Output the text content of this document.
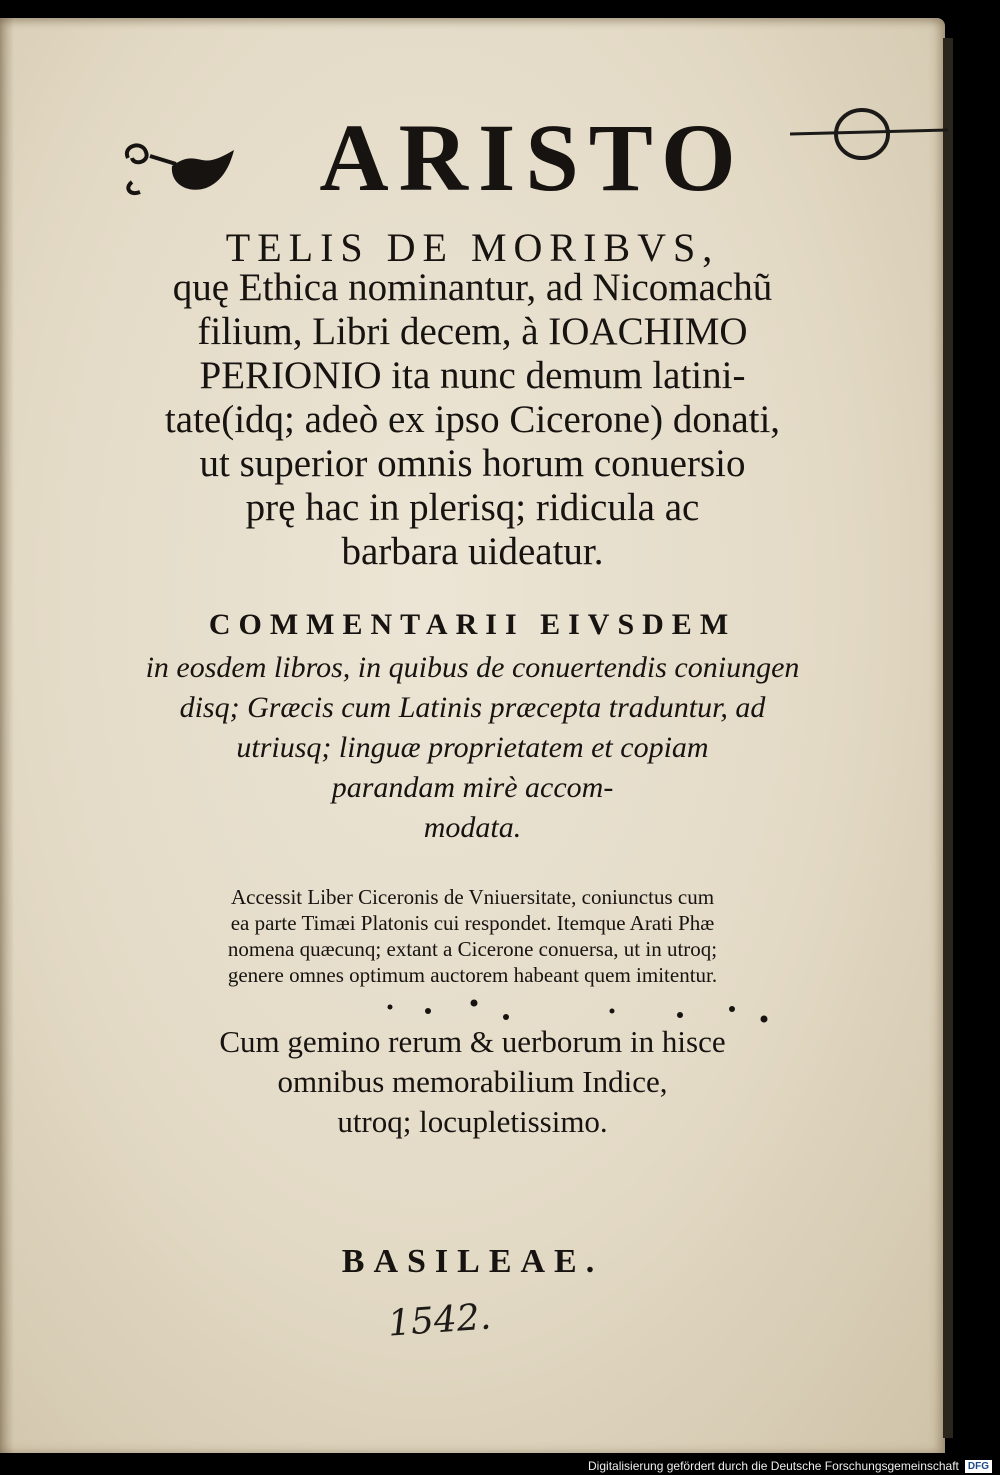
ARISTO
TELIS DE MORIBVS,
quę Ethica nominantur, ad Nicomachũ
filium, Libri decem, à IOACHIMO
PERIONIO ita nunc demum latini-
tate(idq; adeò ex ipso Cicerone) donati,
ut superior omnis horum conuersio
prę hac in plerisq; ridicula ac
barbara uideatur.
COMMENTARII EIVSDEM
in eosdem libros, in quibus de conuertendis coniungen
disq; Græcis cum Latinis præcepta traduntur, ad
utriusq; linguæ proprietatem et copiam
parandam mirè accom-
modata.
Accessit Liber Ciceronis de Vniuersitate, coniunctus cum
ea parte Timæi Platonis cui respondet. Itemque Arati Phæ
nomena quæcunq; extant a Cicerone conuersa, ut in utroq;
genere omnes optimum auctorem habeant quem imitentur.
Cum gemino rerum & uerborum in hisce
omnibus memorabilium Indice,
utroq; locupletissimo.
BASILEAE.
1542.
Digitalisierung gefördert durch die Deutsche Forschungsgemeinschaft DFG
